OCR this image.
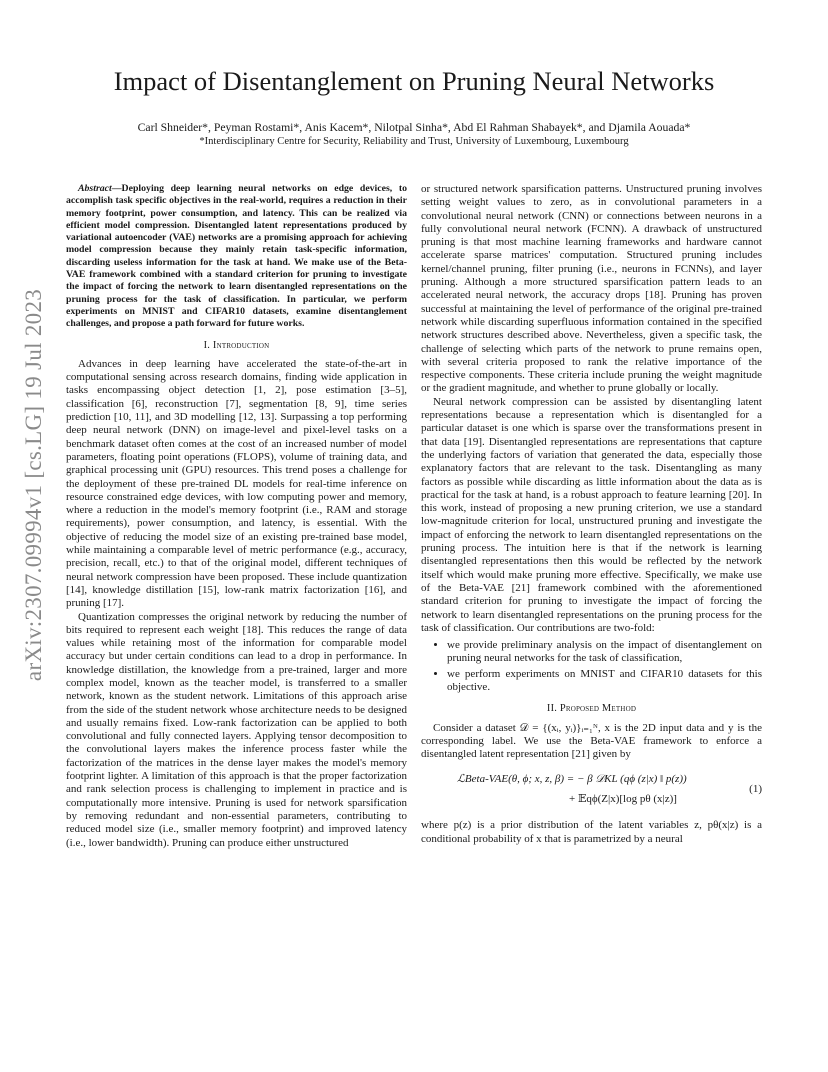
arXiv:2307.09994v1 [cs.LG] 19 Jul 2023
Impact of Disentanglement on Pruning Neural Networks
Carl Shneider*, Peyman Rostami*, Anis Kacem*, Nilotpal Sinha*, Abd El Rahman Shabayek*, and Djamila Aouada*
*Interdisciplinary Centre for Security, Reliability and Trust, University of Luxembourg, Luxembourg

Abstract—Deploying deep learning neural networks on edge devices, to accomplish task specific objectives in the real-world, requires a reduction in their memory footprint, power consumption, and latency. This can be realized via efficient model compression. Disentangled latent representations produced by variational autoencoder (VAE) networks are a promising approach for achieving model compression because they mainly retain task-specific information, discarding useless information for the task at hand. We make use of the Beta-VAE framework combined with a standard criterion for pruning to investigate the impact of forcing the network to learn disentangled representations on the pruning process for the task of classification. In particular, we perform experiments on MNIST and CIFAR10 datasets, examine disentanglement challenges, and propose a path forward for future works.

I. Introduction

Advances in deep learning have accelerated the state-of-the-art in computational sensing across research domains, finding wide application in tasks encompassing object detection [1, 2], pose estimation [3–5], classification [6], reconstruction [7], segmentation [8, 9], time series prediction [10, 11], and 3D modelling [12, 13]. Surpassing a top performing deep neural network (DNN) on image-level and pixel-level tasks on a benchmark dataset often comes at the cost of an increased number of model parameters, floating point operations (FLOPS), volume of training data, and graphical processing unit (GPU) resources. This trend poses a challenge for the deployment of these pre-trained DL models for real-time inference on resource constrained edge devices, with low computing power and memory, where a reduction in the model's memory footprint (i.e., RAM and storage requirements), power consumption, and latency, is essential. With the objective of reducing the model size of an existing pre-trained base model, while maintaining a comparable level of metric performance (e.g., accuracy, precision, recall, etc.) to that of the original model, different techniques of neural network compression have been proposed. These include quantization [14], knowledge distillation [15], low-rank matrix factorization [16], and pruning [17].

Quantization compresses the original network by reducing the number of bits required to represent each weight [18]. This reduces the range of data values while retaining most of the information for comparable model accuracy but under certain conditions can lead to a drop in performance. In knowledge distillation, the knowledge from a pre-trained, larger and more complex model, known as the teacher model, is transferred to a smaller network, known as the student network. Limitations of this approach arise from the side of the student network whose architecture needs to be designed and usually remains fixed. Low-rank factorization can be applied to both convolutional and fully connected layers. Applying tensor decomposition to the convolutional layers makes the inference process faster while the factorization of the matrices in the dense layer makes the model's memory footprint lighter. A limitation of this approach is that the proper factorization and rank selection process is challenging to implement in practice and is computationally more intensive. Pruning is used for network sparsification by removing redundant and non-essential parameters, contributing to reduced model size (i.e., smaller memory footprint) and improved latency (i.e., lower bandwidth). Pruning can produce either unstructured

or structured network sparsification patterns. Unstructured pruning involves setting weight values to zero, as in convolutional parameters in a convolutional neural network (CNN) or connections between neurons in a fully convolutional neural network (FCNN). A drawback of unstructured pruning is that most machine learning frameworks and hardware cannot accelerate sparse matrices' computation. Structured pruning includes kernel/channel pruning, filter pruning (i.e., neurons in FCNNs), and layer pruning. Although a more structured sparsification pattern leads to an accelerated neural network, the accuracy drops [18]. Pruning has proven successful at maintaining the level of performance of the original pre-trained network while discarding superfluous information contained in the specified network structures described above. Nevertheless, given a specific task, the challenge of selecting which parts of the network to prune remains open, with several criteria proposed to rank the relative importance of the respective components. These criteria include pruning the weight magnitude or the gradient magnitude, and whether to prune globally or locally.

Neural network compression can be assisted by disentangling latent representations because a representation which is disentangled for a particular dataset is one which is sparse over the transformations present in that data [19]. Disentangled representations are representations that capture the underlying factors of variation that generated the data, especially those explanatory factors that are relevant to the task. Disentangling as many factors as possible while discarding as little information about the data as is practical for the task at hand, is a robust approach to feature learning [20]. In this work, instead of proposing a new pruning criterion, we use a standard low-magnitude criterion for local, unstructured pruning and investigate the impact of enforcing the network to learn disentangled representations on the pruning process. The intuition here is that if the network is learning disentangled representations then this would be reflected by the network itself which would make pruning more effective. Specifically, we make use of the Beta-VAE [21] framework combined with the aforementioned standard criterion for pruning to investigate the impact of forcing the network to learn disentangled representations on the pruning process for the task of classification. Our contributions are two-fold:

• we provide preliminary analysis on the impact of disentanglement on pruning neural networks for the task of classification,
• we perform experiments on MNIST and CIFAR10 datasets for this objective.
II. Proposed Method

Consider a dataset 𝒟 = {(xᵢ, yᵢ)}ᵢ₌₁ᴺ, x is the 2D input data and y is the corresponding label. We use the Beta-VAE framework to enforce a disentangled latent representation [21] given by

ℒBeta-VAE(θ, ϕ; x, z, β) = − β 𝒟KL (qϕ (z|x) ‖ p(z))
+ 𝔼qϕ(Z|x)[log pθ (x|z)]
(1)

where p(z) is a prior distribution of the latent variables z, pθ(x|z) is a conditional probability of x that is parametrized by a neural
